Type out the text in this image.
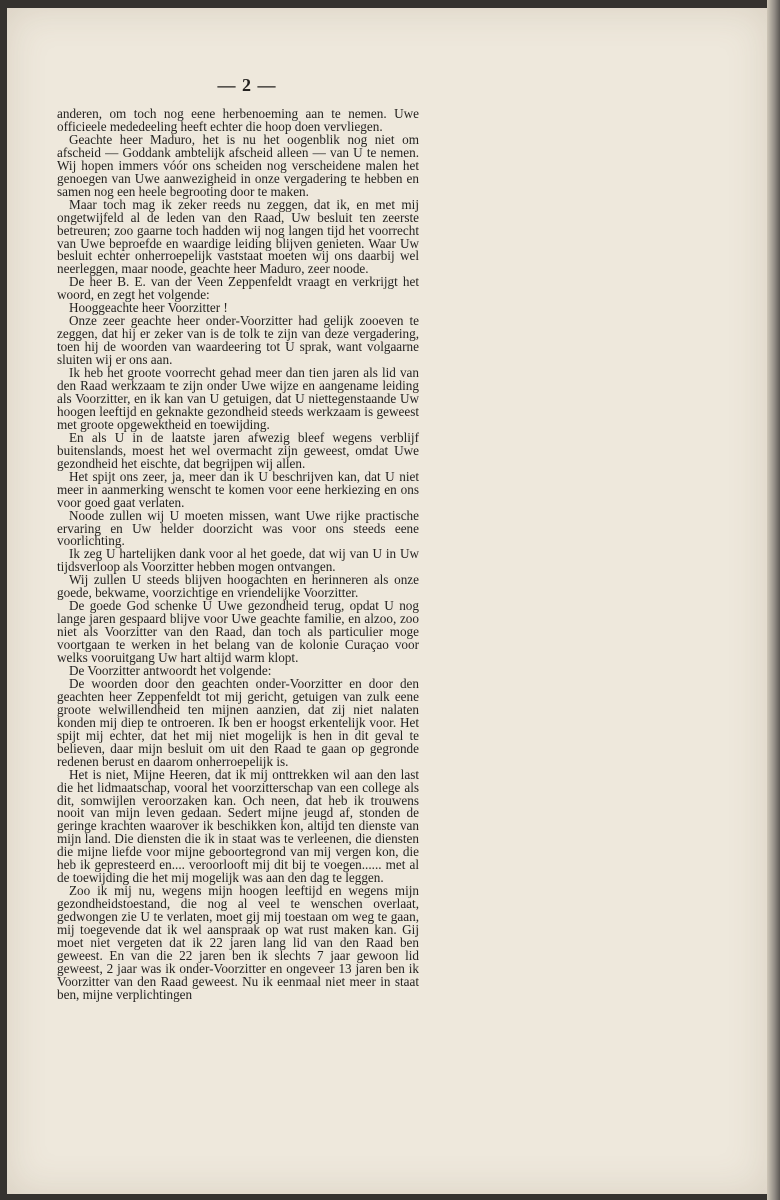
— 2 —

anderen, om toch nog eene herbenoeming aan te nemen. Uwe officieele mededeeling heeft echter die hoop doen vervliegen.

Geachte heer Maduro, het is nu het oogenblik nog niet om afscheid — Goddank ambtelijk afscheid alleen — van U te nemen. Wij hopen immers vóór ons scheiden nog verscheidene malen het genoegen van Uwe aanwezigheid in onze vergadering te hebben en samen nog een heele begrooting door te maken.

Maar toch mag ik zeker reeds nu zeggen, dat ik, en met mij ongetwijfeld al de leden van den Raad, Uw besluit ten zeerste betreuren; zoo gaarne toch hadden wij nog langen tijd het voorrecht van Uwe beproefde en waardige leiding blijven genieten. Waar Uw besluit echter onherroepelijk vaststaat moeten wij ons daarbij wel neerleggen, maar noode, geachte heer Maduro, zeer noode.

De heer B. E. van der Veen Zeppenfeldt vraagt en verkrijgt het woord, en zegt het volgende:

Hooggeachte heer Voorzitter !

Onze zeer geachte heer onder-Voorzitter had gelijk zooeven te zeggen, dat hij er zeker van is de tolk te zijn van deze vergadering, toen hij de woorden van waardeering tot U sprak, want volgaarne sluiten wij er ons aan.

Ik heb het groote voorrecht gehad meer dan tien jaren als lid van den Raad werkzaam te zijn onder Uwe wijze en aangename leiding als Voorzitter, en ik kan van U getuigen, dat U niettegenstaande Uw hoogen leeftijd en geknakte gezondheid steeds werkzaam is geweest met groote opgewektheid en toewijding.

En als U in de laatste jaren afwezig bleef wegens verblijf buitenslands, moest het wel overmacht zijn geweest, omdat Uwe gezondheid het eischte, dat begrijpen wij allen.

Het spijt ons zeer, ja, meer dan ik U beschrijven kan, dat U niet meer in aanmerking wenscht te komen voor eene herkiezing en ons voor goed gaat verlaten.

Noode zullen wij U moeten missen, want Uwe rijke practische ervaring en Uw helder doorzicht was voor ons steeds eene voorlichting.

Ik zeg U hartelijken dank voor al het goede, dat wij van U in Uw tijdsverloop als Voorzitter hebben mogen ontvangen.

Wij zullen U steeds blijven hoogachten en herinneren als onze goede, bekwame, voorzichtige en vriendelijke Voorzitter.

De goede God schenke U Uwe gezondheid terug, opdat U nog lange jaren gespaard blijve voor Uwe geachte familie, en alzoo, zoo niet als Voorzitter van den Raad, dan toch als particulier moge voortgaan te werken in het belang van de kolonie Curaçao voor welks vooruitgang Uw hart altijd warm klopt.

De Voorzitter antwoordt het volgende:

De woorden door den geachten onder-Voorzitter en door den geachten heer Zeppenfeldt tot mij gericht, getuigen van zulk eene groote welwillendheid ten mijnen aanzien, dat zij niet nalaten konden mij diep te ontroeren. Ik ben er hoogst erkentelijk voor. Het spijt mij echter, dat het mij niet mogelijk is hen in dit geval te believen, daar mijn besluit om uit den Raad te gaan op gegronde redenen berust en daarom onherroepelijk is.

Het is niet, Mijne Heeren, dat ik mij onttrekken wil aan den last die het lidmaatschap, vooral het voorzitterschap van een college als dit, somwijlen veroorzaken kan. Och neen, dat heb ik trouwens nooit van mijn leven gedaan. Sedert mijne jeugd af, stonden de geringe krachten waarover ik beschikken kon, altijd ten dienste van mijn land. Die diensten die ik in staat was te verleenen, die diensten die mijne liefde voor mijne geboortegrond van mij vergen kon, die heb ik gepresteerd en.... veroorlooft mij dit bij te voegen...... met al de toewijding die het mij mogelijk was aan den dag te leggen.

Zoo ik mij nu, wegens mijn hoogen leeftijd en wegens mijn gezondheidstoestand, die nog al veel te wenschen overlaat, gedwongen zie U te verlaten, moet gij mij toestaan om weg te gaan, mij toegevende dat ik wel aanspraak op wat rust maken kan. Gij moet niet vergeten dat ik 22 jaren lang lid van den Raad ben geweest. En van die 22 jaren ben ik slechts 7 jaar gewoon lid geweest, 2 jaar was ik onder-Voorzitter en ongeveer 13 jaren ben ik Voorzitter van den Raad geweest. Nu ik eenmaal niet meer in staat ben, mijne verplichtingen
